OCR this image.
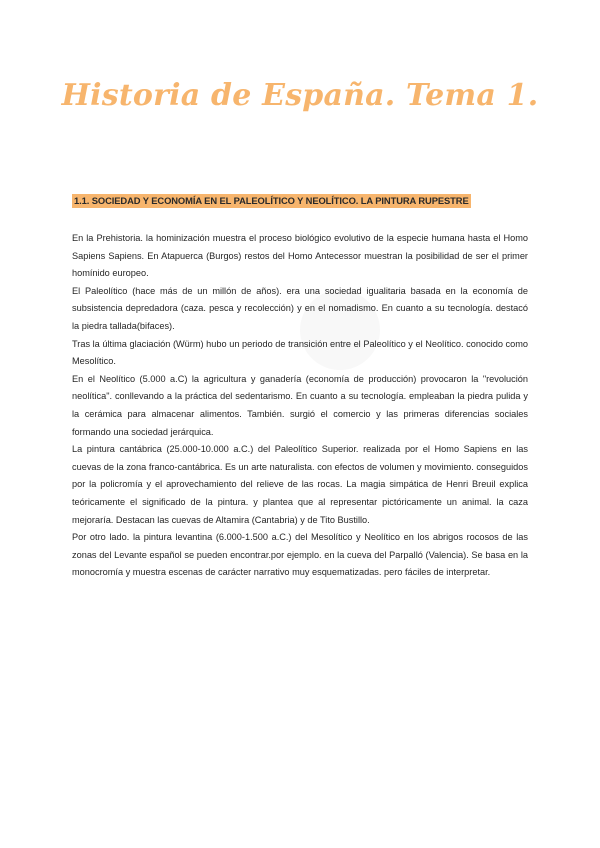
Historia de España. Tema 1.
1.1. SOCIEDAD Y ECONOMÍA EN EL PALEOLÍTICO Y NEOLÍTICO. LA PINTURA RUPESTRE

En la Prehistoria. la hominización muestra el proceso biológico evolutivo de la especie humana hasta el Homo Sapiens Sapiens. En Atapuerca (Burgos) restos del Homo Antecessor muestran la posibilidad de ser el primer homínido europeo.

El Paleolítico (hace más de un millón de años). era una sociedad igualitaria basada en la economía de subsistencia depredadora (caza. pesca y recolección) y en el nomadismo. En cuanto a su tecnología. destacó la piedra tallada(bifaces).

Tras la última glaciación (Würm) hubo un periodo de transición entre el Paleolítico y el Neolítico. conocido como Mesolítico.

En el Neolítico (5.000 a.C) la agricultura y ganadería (economía de producción) provocaron la "revolución neolítica". conllevando a la práctica del sedentarismo. En cuanto a su tecnología. empleaban la piedra pulida y la cerámica para almacenar alimentos. También. surgió el comercio y las primeras diferencias sociales formando una sociedad jerárquica.

La pintura cantábrica (25.000-10.000 a.C.) del Paleolítico Superior. realizada por el Homo Sapiens en las cuevas de la zona franco-cantábrica. Es un arte naturalista. con efectos de volumen y movimiento. conseguidos por la policromía y el aprovechamiento del relieve de las rocas. La magia simpática de Henri Breuil explica teóricamente el significado de la pintura. y plantea que al representar pictóricamente un animal. la caza mejoraría. Destacan las cuevas de Altamira (Cantabria) y de Tito Bustillo.

Por otro lado. la pintura levantina (6.000-1.500 a.C.) del Mesolítico y Neolítico en los abrigos rocosos de las zonas del Levante español se pueden encontrar.por ejemplo. en la cueva del Parpalló (Valencia). Se basa en la monocromía y muestra escenas de carácter narrativo muy esquematizadas. pero fáciles de interpretar.
